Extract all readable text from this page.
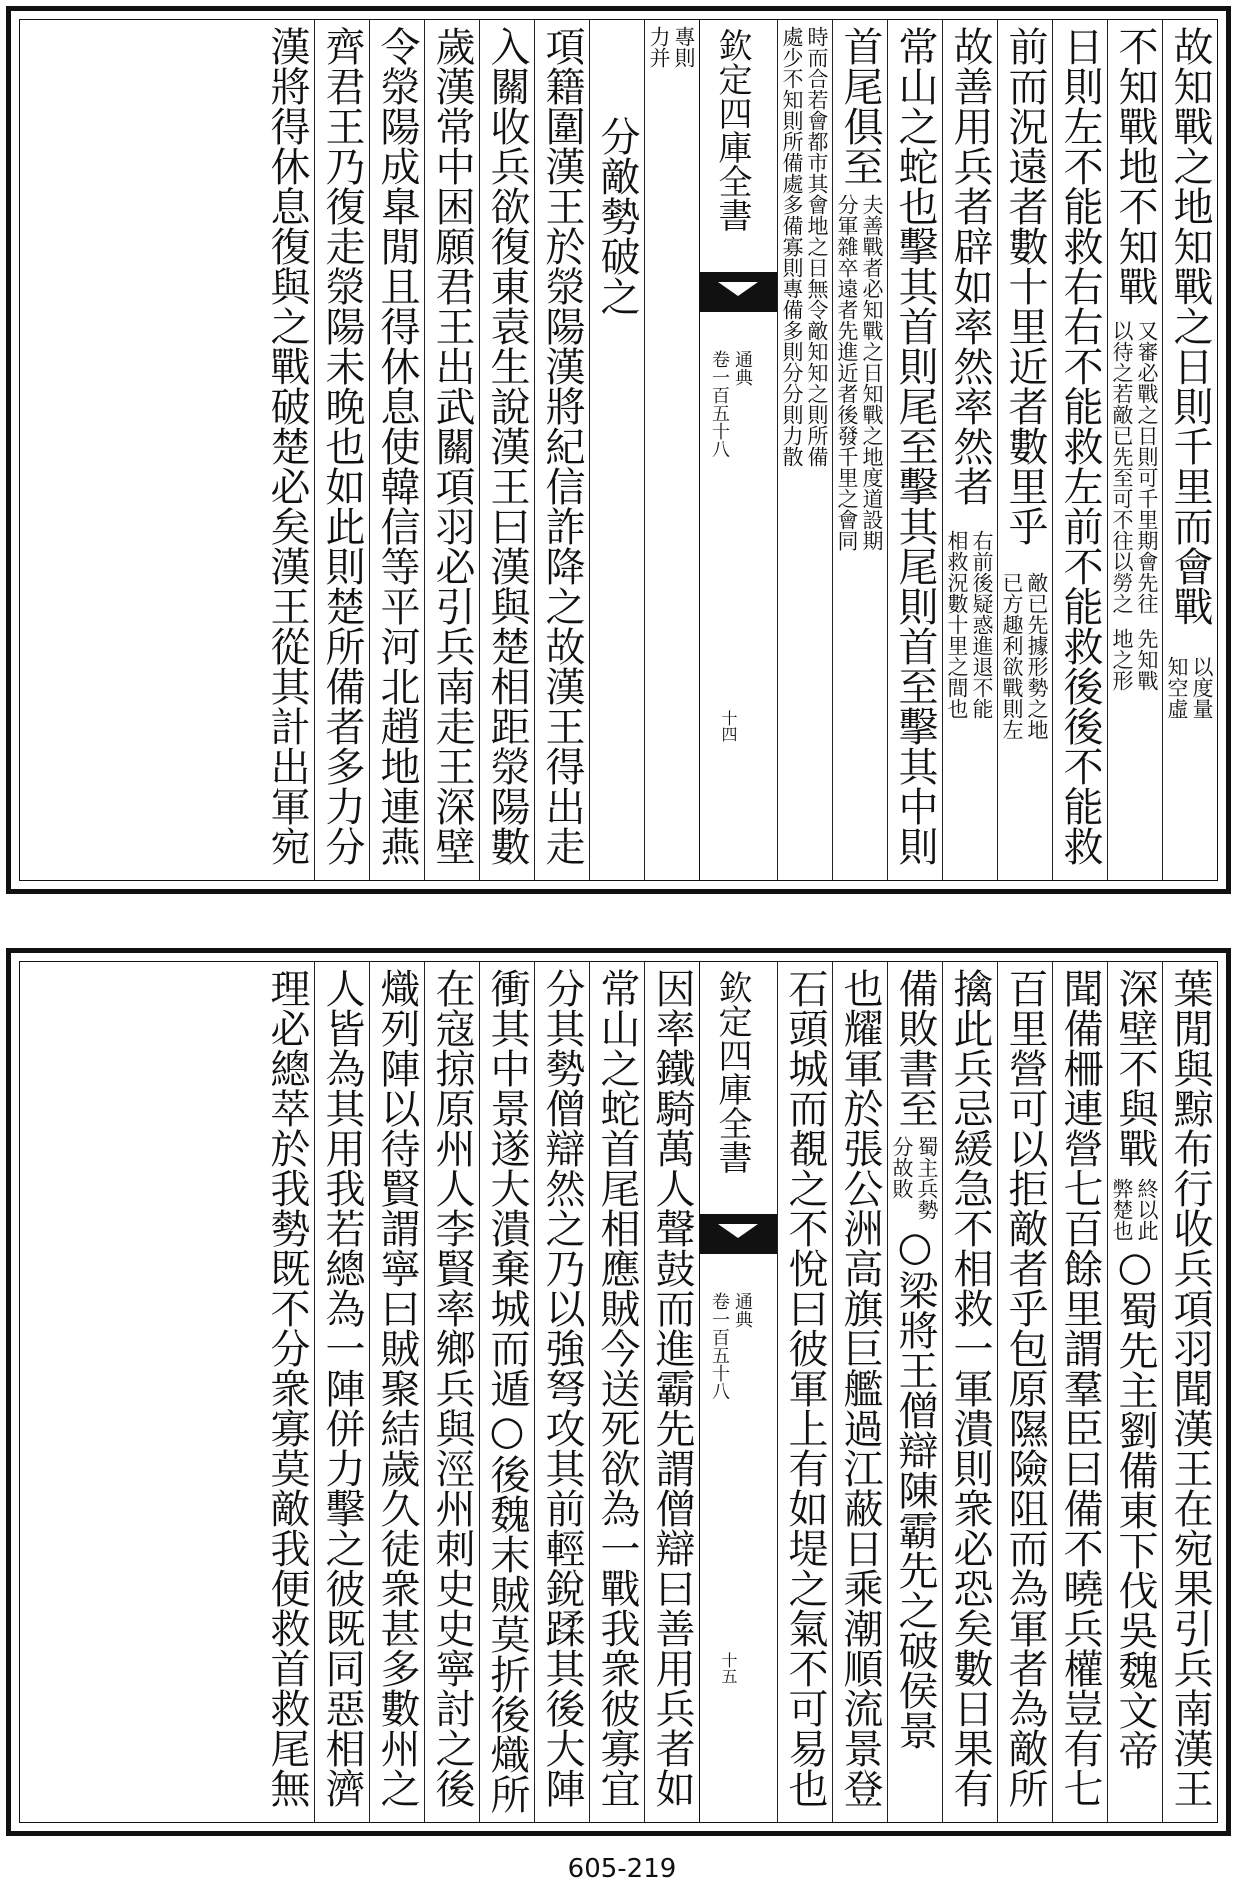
故知戰之地知戰之日則千里而會戰
以度量
知空虛
不知戰地不知戰
又審必戰之日則可千里期會先往
以待之若敵已先至可不往以勞之
先知戰
地之形
日則左不能救右右不能救左前不能救後後不能救
前而況遠者數十里近者數里乎
敵已先據形勢之地
已方趣利欲戰則左
故善用兵者辟如率然率然者
右前後疑惑進退不能
相救況數十里之間也
常山之蛇也擊其首則尾至擊其尾則首至擊其中則
首尾俱至
夫善戰者必知戰之日知戰之地度道設期
分軍雜卒遠者先進近者後發千里之會同
時而合若會都市其會地之日無令敵知知之則所備
處少不知則所備處多備寡則專備多則分分則力散
欽定四庫全書
通典
卷一百五十八
十四
專則
力并
分敵勢破之
項籍圍漢王於滎陽漢將紀信詐降之故漢王得出走
入關收兵欲復東袁生說漢王曰漢與楚相距滎陽數
歲漢常中困願君王出武關項羽必引兵南走王深壁
令滎陽成臯閒且得休息使韓信等平河北趙地連燕
齊君王乃復走滎陽未晚也如此則楚所備者多力分
漢將得休息復與之戰破楚必矣漢王從其計出軍宛
葉閒與黥布行收兵項羽聞漢王在宛果引兵南漢王
深壁不與戰
終以此
弊楚也
○蜀先主劉備東下伐吳魏文帝
聞備柵連營七百餘里謂羣臣曰備不曉兵權豈有七
百里營可以拒敵者乎包原隰險阻而為軍者為敵所
擒此兵忌緩急不相救一軍潰則衆必恐矣數日果有
備敗書至
蜀主兵勢
分故敗
○梁將王僧辯陳霸先之破侯景
也耀軍於張公洲高旗巨艦過江蔽日乘潮順流景登
石頭城而覩之不悅曰彼軍上有如堤之氣不可易也
欽定四庫全書
通典
卷一百五十八
十五
因率鐵騎萬人聲鼓而進霸先謂僧辯曰善用兵者如
常山之蛇首尾相應賊今送死欲為一戰我衆彼寡宜
分其勢僧辯然之乃以強弩攻其前輕銳蹂其後大陣
衝其中景遂大潰棄城而遁○後魏末賊莫折後熾所
在寇掠原州人李賢率鄉兵與涇州刺史史寧討之後
熾列陣以待賢謂寧曰賊聚結歲久徒衆甚多數州之
人皆為其用我若總為一陣併力擊之彼既同惡相濟
理必總萃於我勢既不分衆寡莫敵我便救首救尾無
605-219
